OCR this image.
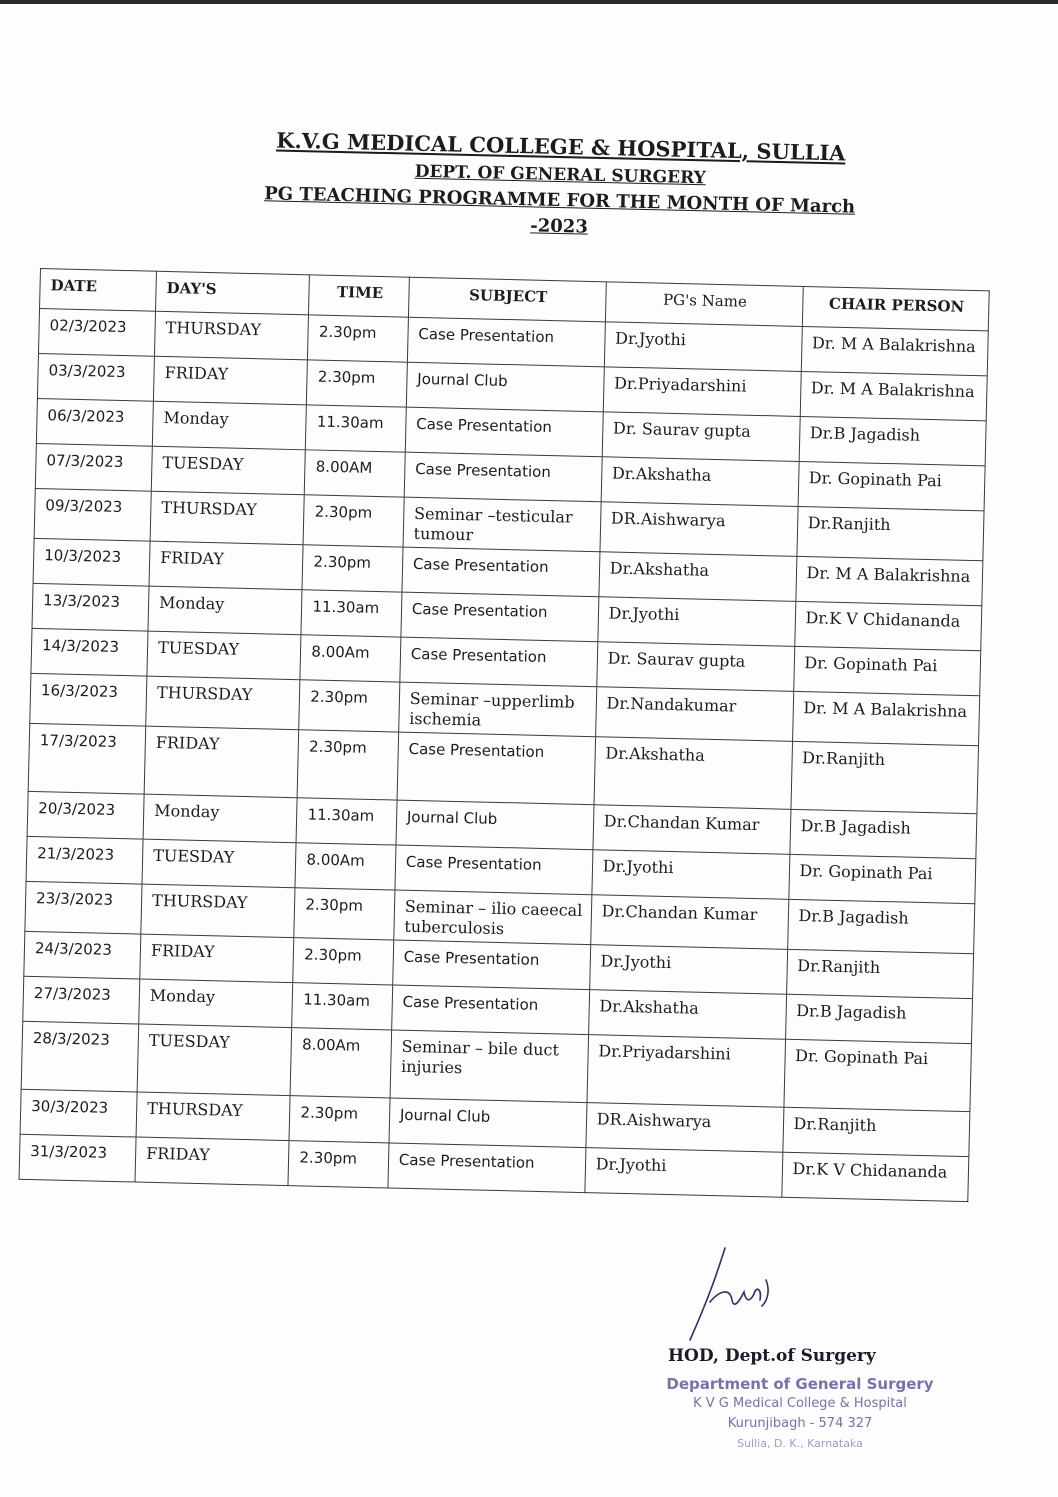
K.V.G MEDICAL COLLEGE & HOSPITAL, SULLIA
DEPT. OF GENERAL SURGERY
PG TEACHING PROGRAMME FOR THE MONTH OF March -2023
DATE	DAY'S	TIME	SUBJECT	PG's Name	CHAIR PERSON
02/3/2023	THURSDAY	2.30pm	Case Presentation	Dr.Jyothi	Dr. M A Balakrishna
03/3/2023	FRIDAY	2.30pm	Journal Club	Dr.Priyadarshini	Dr. M A Balakrishna
06/3/2023	Monday	11.30am	Case Presentation	Dr. Saurav gupta	Dr.B Jagadish
07/3/2023	TUESDAY	8.00AM	Case Presentation	Dr.Akshatha	Dr. Gopinath Pai
09/3/2023	THURSDAY	2.30pm	Seminar –testicular tumour	DR.Aishwarya	Dr.Ranjith
10/3/2023	FRIDAY	2.30pm	Case Presentation	Dr.Akshatha	Dr. M A Balakrishna
13/3/2023	Monday	11.30am	Case Presentation	Dr.Jyothi	Dr.K V Chidananda
14/3/2023	TUESDAY	8.00Am	Case Presentation	Dr. Saurav gupta	Dr. Gopinath Pai
16/3/2023	THURSDAY	2.30pm	Seminar –upperlimb ischemia	Dr.Nandakumar	Dr. M A Balakrishna
17/3/2023	FRIDAY	2.30pm	Case Presentation	Dr.Akshatha	Dr.Ranjith
20/3/2023	Monday	11.30am	Journal Club	Dr.Chandan Kumar	Dr.B Jagadish
21/3/2023	TUESDAY	8.00Am	Case Presentation	Dr.Jyothi	Dr. Gopinath Pai
23/3/2023	THURSDAY	2.30pm	Seminar – ilio caeecal tuberculosis	Dr.Chandan Kumar	Dr.B Jagadish
24/3/2023	FRIDAY	2.30pm	Case Presentation	Dr.Jyothi	Dr.Ranjith
27/3/2023	Monday	11.30am	Case Presentation	Dr.Akshatha	Dr.B Jagadish
28/3/2023	TUESDAY	8.00Am	Seminar – bile duct injuries	Dr.Priyadarshini	Dr. Gopinath Pai
30/3/2023	THURSDAY	2.30pm	Journal Club	DR.Aishwarya	Dr.Ranjith
31/3/2023	FRIDAY	2.30pm	Case Presentation	Dr.Jyothi	Dr.K V Chidananda
HOD, Dept.of Surgery
Department of General Surgery
K V G Medical College & Hospital
Kurunjibagh - 574 327
Sullia, D. K., Karnataka
